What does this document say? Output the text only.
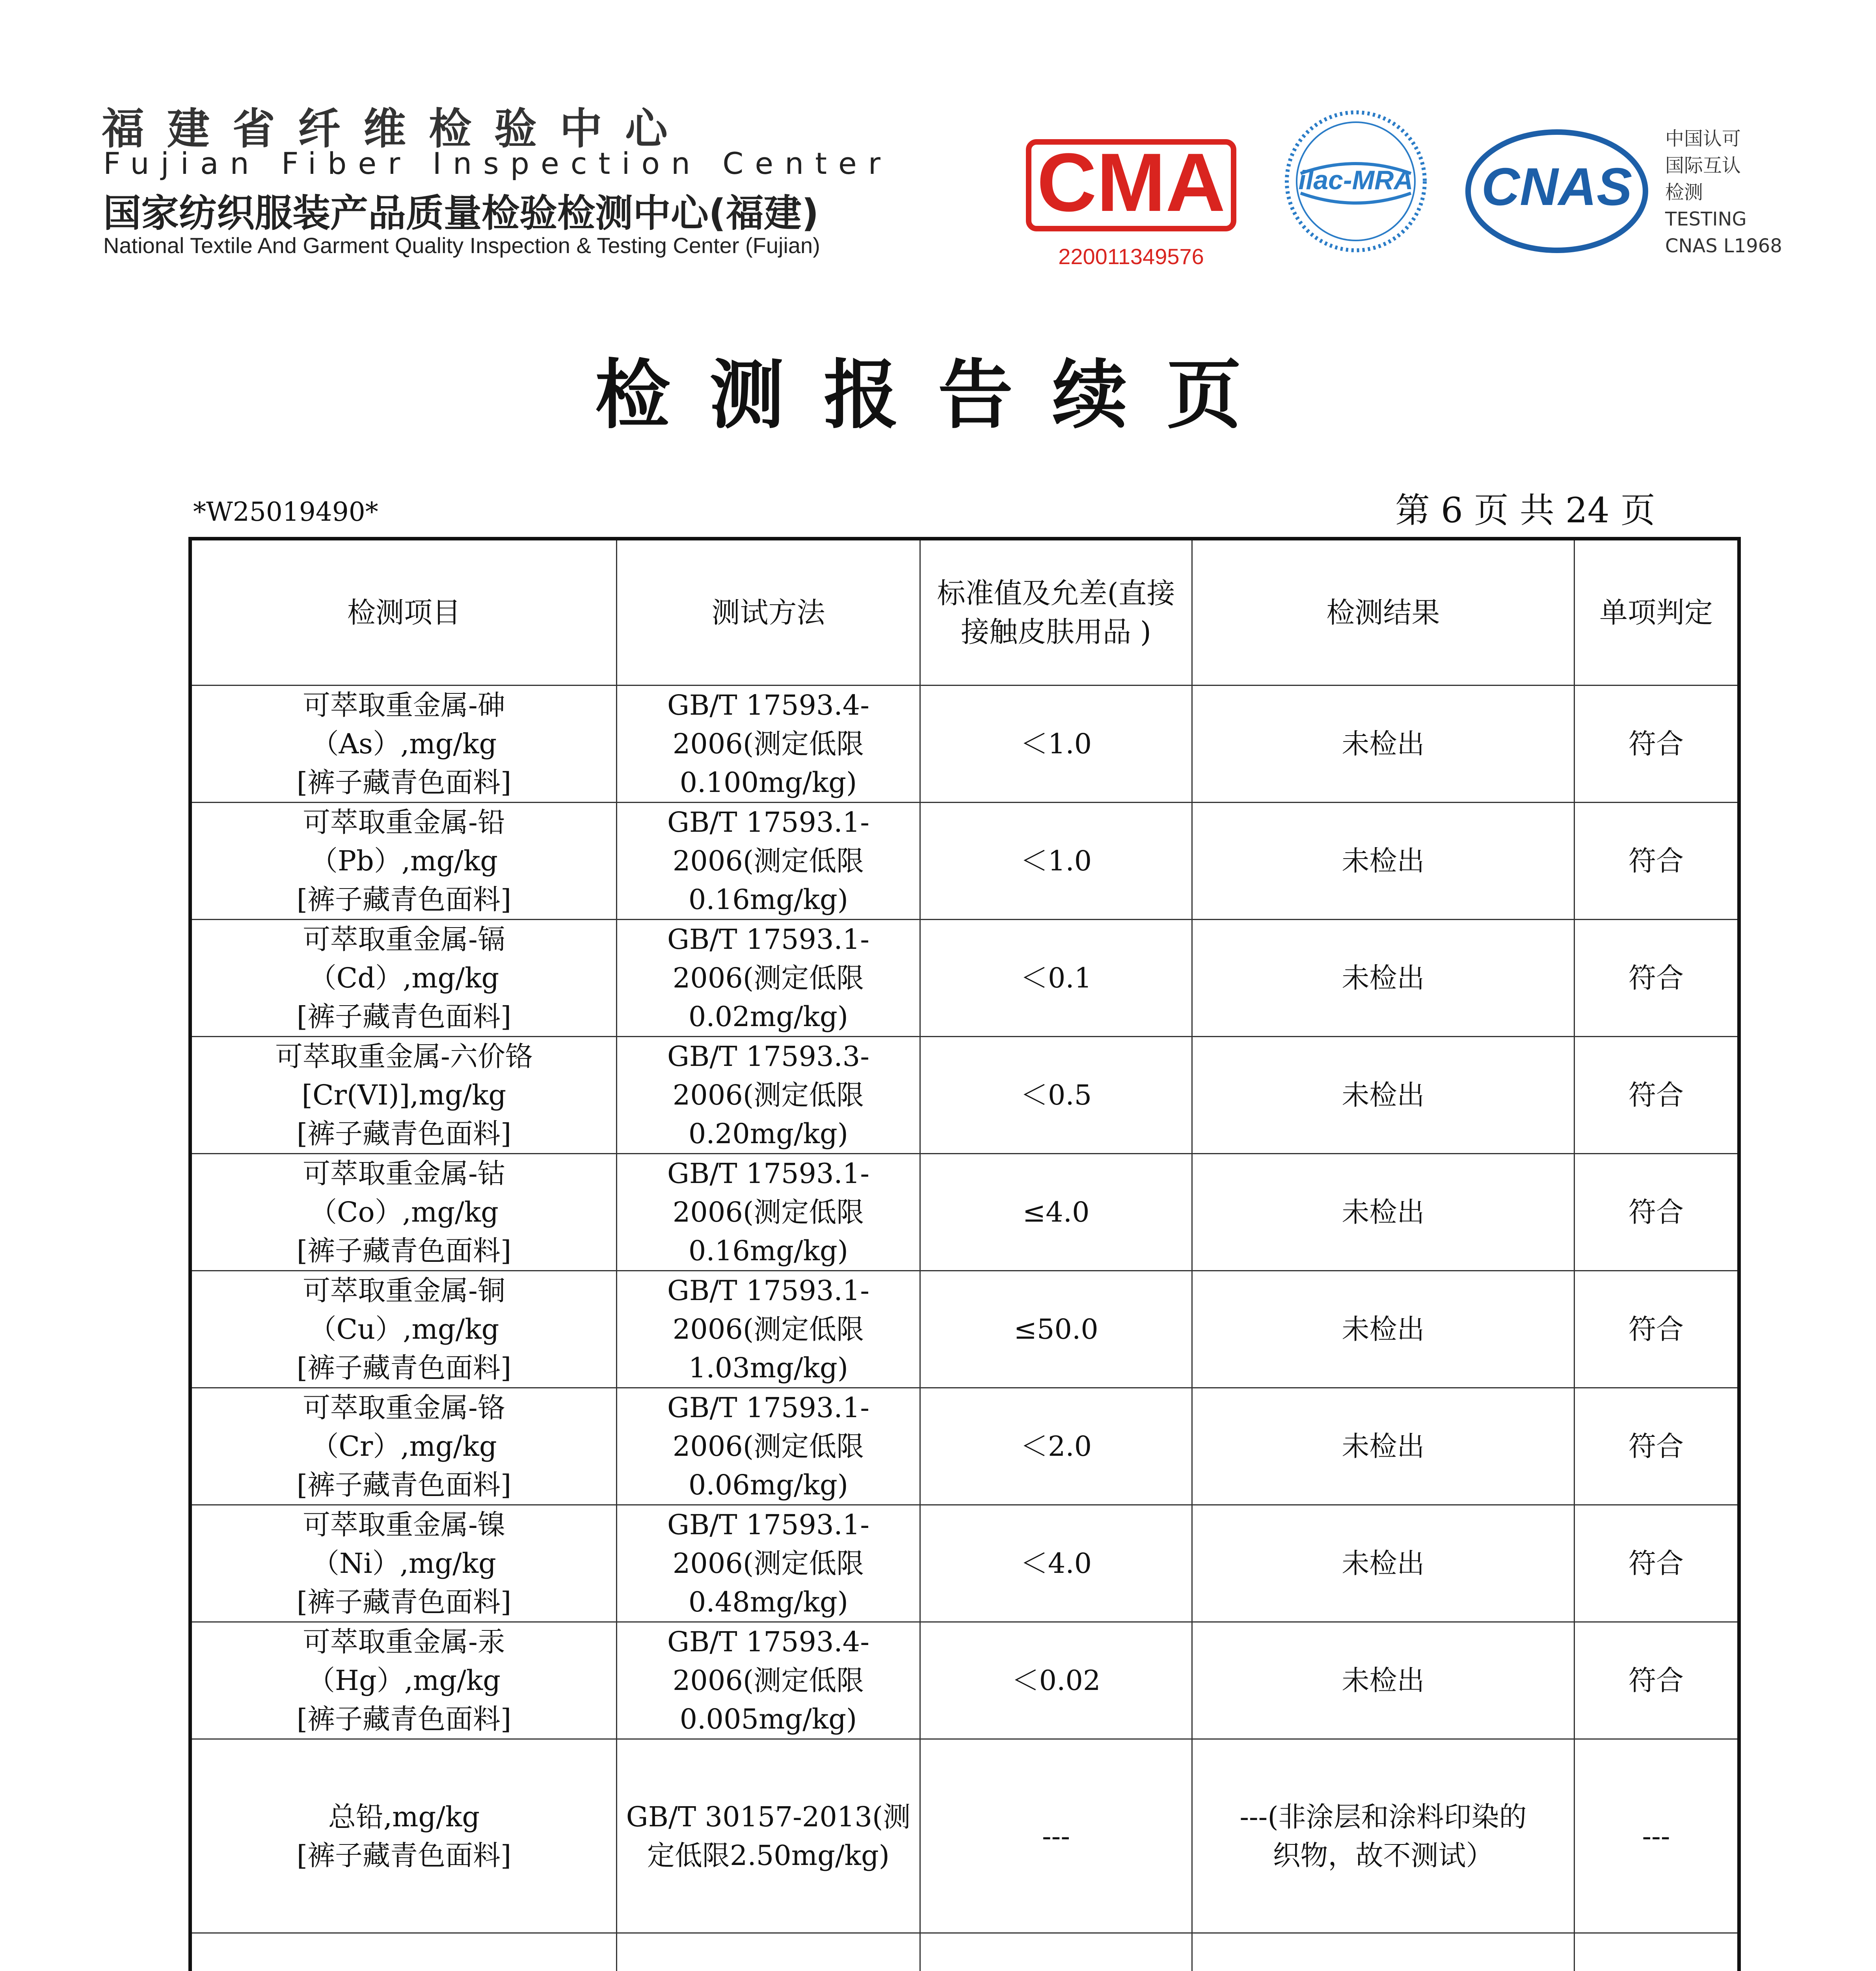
福建省纤维检验中心
Fujian Fiber Inspection Center
国家纺织服装产品质量检验检测中心(福建)
National Textile And Garment Quality Inspection & Testing Center (Fujian)
CMA
220011349576
ilac-MRA CNAS
中国认可
国际互认
检测
TESTING
CNAS L1968
检测报告续页
*W25019490*	第 6 页 共 24 页
检测项目	测试方法	标准值及允差(直接接触皮肤用品 )	检测结果	单项判定

可萃取重金属-砷
（As）,mg/kg
[裤子藏青色面料]	GB/T 17593.4-
2006(测定低限
0.100mg/kg)	＜1.0	未检出	符合

可萃取重金属-铅
（Pb）,mg/kg
[裤子藏青色面料]	GB/T 17593.1-
2006(测定低限
0.16mg/kg)	＜1.0	未检出	符合

可萃取重金属-镉
（Cd）,mg/kg
[裤子藏青色面料]	GB/T 17593.1-
2006(测定低限
0.02mg/kg)	＜0.1	未检出	符合

可萃取重金属-六价铬
[Cr(VI)],mg/kg
[裤子藏青色面料]	GB/T 17593.3-
2006(测定低限
0.20mg/kg)	＜0.5	未检出	符合

可萃取重金属-钴
（Co）,mg/kg
[裤子藏青色面料]	GB/T 17593.1-
2006(测定低限
0.16mg/kg)	≤4.0	未检出	符合

可萃取重金属-铜
（Cu）,mg/kg
[裤子藏青色面料]	GB/T 17593.1-
2006(测定低限
1.03mg/kg)	≤50.0	未检出	符合

可萃取重金属-铬
（Cr）,mg/kg
[裤子藏青色面料]	GB/T 17593.1-
2006(测定低限
0.06mg/kg)	＜2.0	未检出	符合

可萃取重金属-镍
（Ni）,mg/kg
[裤子藏青色面料]	GB/T 17593.1-
2006(测定低限
0.48mg/kg)	＜4.0	未检出	符合

可萃取重金属-汞
（Hg）,mg/kg
[裤子藏青色面料]	GB/T 17593.4-
2006(测定低限
0.005mg/kg)	＜0.02	未检出	符合

总铅,mg/kg
[裤子藏青色面料]	GB/T 30157-2013(测
定低限2.50mg/kg)	---	---(非涂层和涂料印染的
织物，故不测试）	---
